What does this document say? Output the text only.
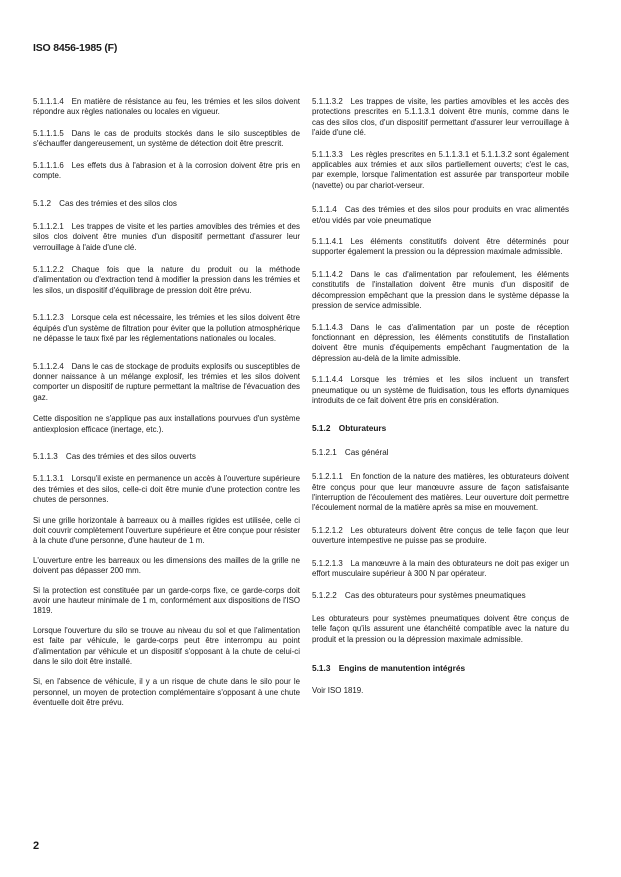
ISO 8456-1985 (F)
5.1.1.1.4  En matière de résistance au feu, les trémies et les silos doivent répondre aux règles nationales ou locales en vigueur.
5.1.1.1.5  Dans le cas de produits stockés dans le silo susceptibles de s'échauffer dangereusement, un système de détection doit être prescrit.
5.1.1.1.6  Les effets dus à l'abrasion et à la corrosion doivent être pris en compte.
5.1.2  Cas des trémies et des silos clos
5.1.1.2.1  Les trappes de visite et les parties amovibles des trémies et des silos clos doivent être munies d'un dispositif permettant d'assurer leur verrouillage à l'aide d'une clé.
5.1.1.2.2  Chaque fois que la nature du produit ou la méthode d'alimentation ou d'extraction tend à modifier la pression dans les trémies et les silos, un dispositif d'équilibrage de pression doit être prévu.
5.1.1.2.3  Lorsque cela est nécessaire, les trémies et les silos doivent être équipés d'un système de filtration pour éviter que la pollution atmosphérique ne dépasse le taux fixé par les réglementations nationales ou locales.
5.1.1.2.4  Dans le cas de stockage de produits explosifs ou susceptibles de donner naissance à un mélange explosif, les trémies et les silos doivent comporter un dispositif de rupture permettant la maîtrise de l'évacuation des gaz.
Cette disposition ne s'applique pas aux installations pourvues d'un système antiexplosion efficace (inertage, etc.).
5.1.1.3  Cas des trémies et des silos ouverts
5.1.1.3.1  Lorsqu'il existe en permanence un accès à l'ouverture supérieure des trémies et des silos, celle-ci doit être munie d'une protection contre les chutes de personnes.
Si une grille horizontale à barreaux ou à mailles rigides est utilisée, celle ci doit couvrir complètement l'ouverture supérieure et être conçue pour résister à la chute d'une personne, d'une hauteur de 1 m.
L'ouverture entre les barreaux ou les dimensions des mailles de la grille ne doivent pas dépasser 200 mm.
Si la protection est constituée par un garde-corps fixe, ce garde-corps doit avoir une hauteur minimale de 1 m, conformément aux dispositions de l'ISO 1819.
Lorsque l'ouverture du silo se trouve au niveau du sol et que l'alimentation est faite par véhicule, le garde-corps peut être interrompu au point d'alimentation par véhicule et un dispositif s'opposant à la chute de celui-ci dans le silo doit être installé.
Si, en l'absence de véhicule, il y a un risque de chute dans le silo pour le personnel, un moyen de protection complémentaire s'opposant à une chute éventuelle doit être prévu.
5.1.1.3.2  Les trappes de visite, les parties amovibles et les accès des protections prescrites en 5.1.1.3.1 doivent être munis, comme dans le cas des silos clos, d'un dispositif permettant d'assurer leur verrouillage à l'aide d'une clé.
5.1.1.3.3  Les règles prescrites en 5.1.1.3.1 et 5.1.1.3.2 sont également applicables aux trémies et aux silos partiellement ouverts; c'est le cas, par exemple, lorsque l'alimentation est assurée par transporteur mobile (navette) ou par chariot-verseur.
5.1.1.4  Cas des trémies et des silos pour produits en vrac alimentés et/ou vidés par voie pneumatique
5.1.1.4.1  Les éléments constitutifs doivent être déterminés pour supporter également la pression ou la dépression maximale admissible.
5.1.1.4.2  Dans le cas d'alimentation par refoulement, les éléments constitutifs de l'installation doivent être munis d'un dispositif de décompression empêchant que la pression dans le système dépasse la pression de service admissible.
5.1.1.4.3  Dans le cas d'alimentation par un poste de réception fonctionnant en dépression, les éléments constitutifs de l'installation doivent être munis d'équipements empêchant l'augmentation de la dépression au-delà de la limite admissible.
5.1.1.4.4  Lorsque les trémies et les silos incluent un transfert pneumatique ou un système de fluidisation, tous les efforts dynamiques introduits de ce fait doivent être pris en considération.
5.1.2  Obturateurs
5.1.2.1  Cas général
5.1.2.1.1  En fonction de la nature des matières, les obturateurs doivent être conçus pour que leur manœuvre assure de façon satisfaisante l'interruption de l'écoulement des matières. Leur ouverture doit permettre l'écoulement normal de la matière après sa mise en mouvement.
5.1.2.1.2  Les obturateurs doivent être conçus de telle façon que leur ouverture intempestive ne puisse pas se produire.
5.1.2.1.3  La manœuvre à la main des obturateurs ne doit pas exiger un effort musculaire supérieur à 300 N par opérateur.
5.1.2.2  Cas des obturateurs pour systèmes pneumatiques
Les obturateurs pour systèmes pneumatiques doivent être conçus de telle façon qu'ils assurent une étanchéité compatible avec la nature du produit et la pression ou la dépression maximale admissible.
5.1.3  Engins de manutention intégrés
Voir ISO 1819.
2
